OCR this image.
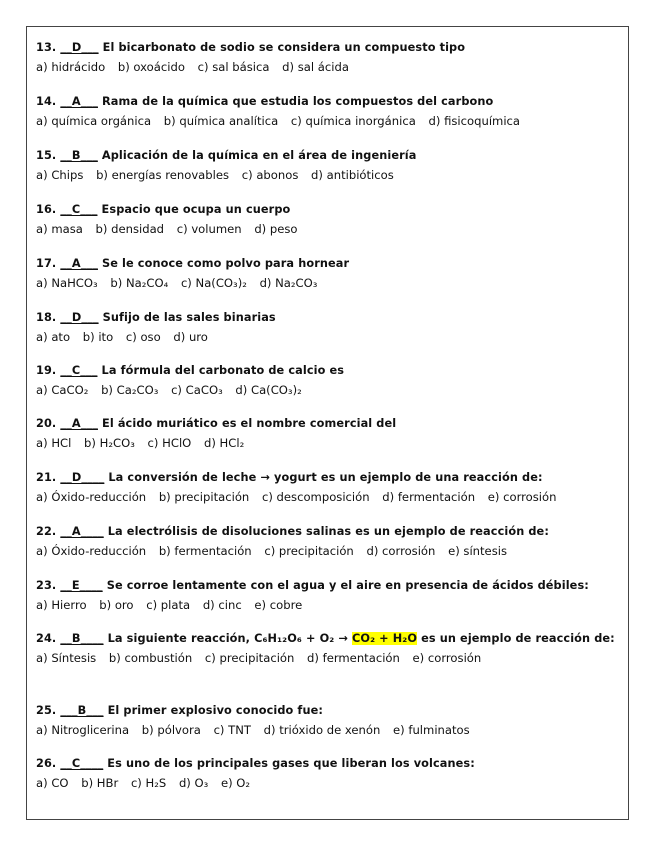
13. __D___ El bicarbonato de sodio se considera un compuesto tipo
a) hidrácido b) oxoácido c) sal básica d) sal ácida
14. __A___ Rama de la química que estudia los compuestos del carbono
a) química orgánica b) química analítica c) química inorgánica d) fisicoquímica
15. __B___ Aplicación de la química en el área de ingeniería
a) Chips b) energías renovables c) abonos d) antibióticos
16. __C___ Espacio que ocupa un cuerpo
a) masa b) densidad c) volumen d) peso
17. __A___ Se le conoce como polvo para hornear
a) NaHCO₃ b) Na₂CO₄ c) Na(CO₃)₂ d) Na₂CO₃
18. __D___ Sufijo de las sales binarias
a) ato b) ito c) oso d) uro
19. __C___ La fórmula del carbonato de calcio es
a) CaCO₂ b) Ca₂CO₃ c) CaCO₃ d) Ca(CO₃)₂
20. __A___ El ácido muriático es el nombre comercial del
a) HCl b) H₂CO₃ c) HClO d) HCl₂
21. __D____ La conversión de leche → yogurt es un ejemplo de una reacción de:
a) Óxido-reducción b) precipitación c) descomposición d) fermentación e) corrosión
22. __A____ La electrólisis de disoluciones salinas es un ejemplo de reacción de:
a) Óxido-reducción b) fermentación c) precipitación d) corrosión e) síntesis
23. __E____ Se corroe lentamente con el agua y el aire en presencia de ácidos débiles:
a) Hierro b) oro c) plata d) cinc e) cobre
24. __B____ La siguiente reacción, C₆H₁₂O₆ + O₂ → CO₂ + H₂O es un ejemplo de reacción de:
a) Síntesis b) combustión c) precipitación d) fermentación e) corrosión
25. ___B___ El primer explosivo conocido fue:
a) Nitroglicerina b) pólvora c) TNT d) trióxido de xenón e) fulminatos
26. __C____ Es uno de los principales gases que liberan los volcanes:
a) CO b) HBr c) H₂S d) O₃ e) O₂
